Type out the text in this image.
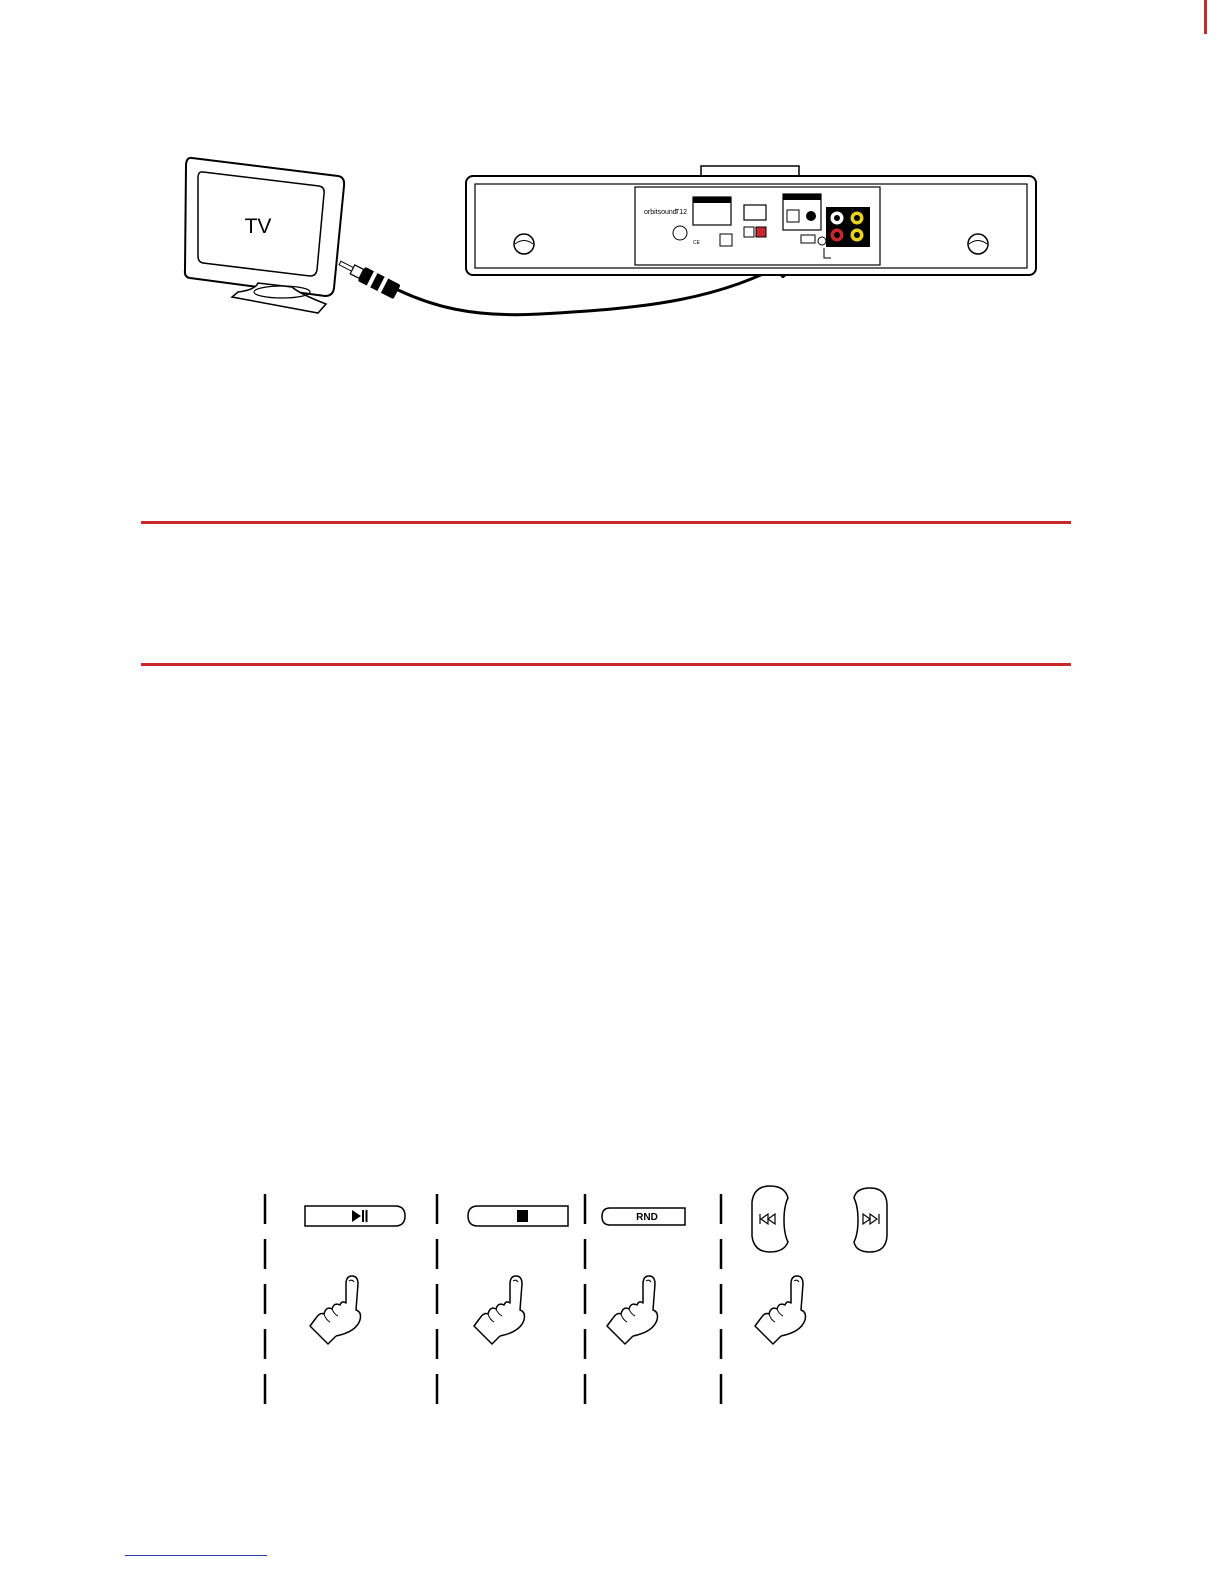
TV
orbitsound
T12
CE
RND
